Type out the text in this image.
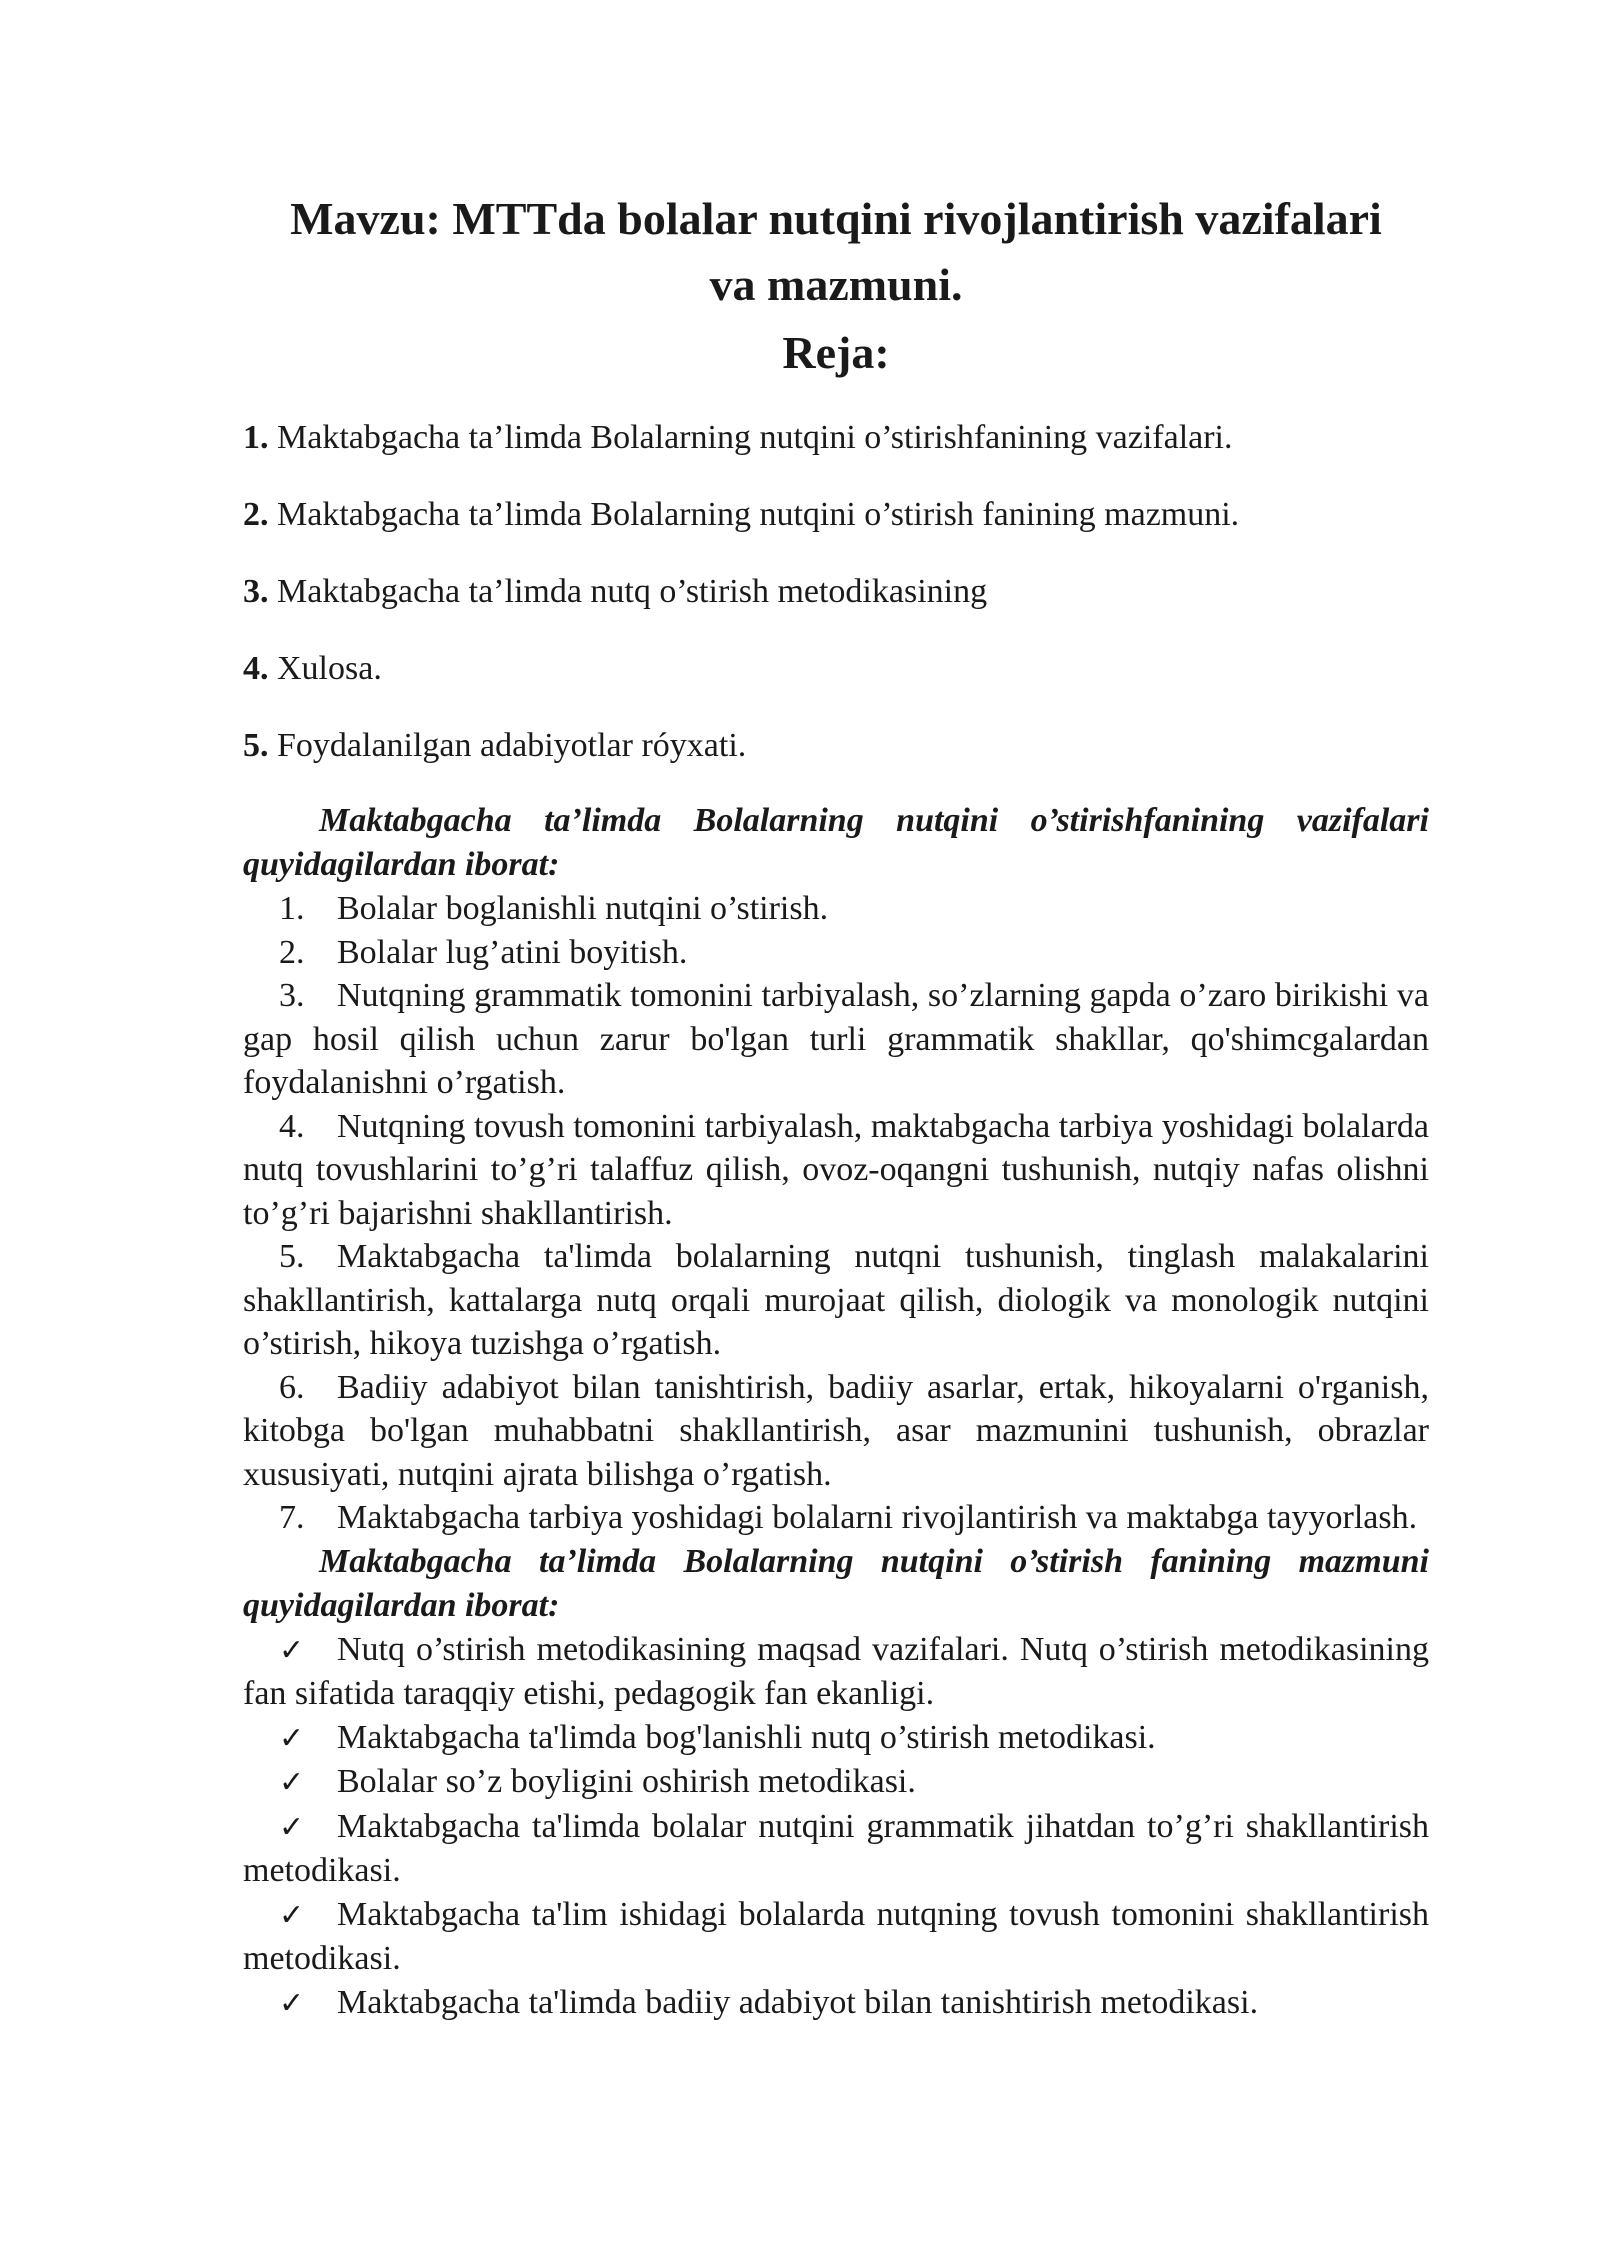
Mavzu: MTTda bolalar nutqini rivojlantirish vazifalari
va mazmuni.
Reja:
1. Maktabgacha ta’limda Bolalarning nutqini o’stirishfanining vazifalari.
2. Maktabgacha ta’limda Bolalarning nutqini o’stirish fanining mazmuni.
3. Maktabgacha ta’limda nutq o’stirish metodikasining
4. Xulosa.
5. Foydalanilgan adabiyotlar róyxati.

Maktabgacha ta’limda Bolalarning nutqini o’stirishfanining vazifalari quyidagilardan iborat:

1. Bolalar boglanishli nutqini o’stirish.

2. Bolalar lug’atini boyitish.

3. Nutqning grammatik tomonini tarbiyalash, so’zlarning gapda o’zaro birikishi va gap hosil qilish uchun zarur bo'lgan turli grammatik shakllar, qo'shimcgalardan foydalanishni o’rgatish.

4. Nutqning tovush tomonini tarbiyalash, maktabgacha tarbiya yoshidagi bolalarda nutq tovushlarini to’g’ri talaffuz qilish, ovoz-oqangni tushunish, nutqiy nafas olishni to’g’ri bajarishni shakllantirish.

5. Maktabgacha ta'limda bolalarning nutqni tushunish, tinglash malakalarini shakllantirish, kattalarga nutq orqali murojaat qilish, diologik va monologik nutqini o’stirish, hikoya tuzishga o’rgatish.

6. Badiiy adabiyot bilan tanishtirish, badiiy asarlar, ertak, hikoyalarni o'rganish, kitobga bo'lgan muhabbatni shakllantirish, asar mazmunini tushunish, obrazlar xususiyati, nutqini ajrata bilishga o’rgatish.

7. Maktabgacha tarbiya yoshidagi bolalarni rivojlantirish va maktabga tayyorlash.

Maktabgacha ta’limda Bolalarning nutqini o’stirish fanining mazmuni quyidagilardan iborat:

✓ Nutq o’stirish metodikasining maqsad vazifalari. Nutq o’stirish metodikasining fan sifatida taraqqiy etishi, pedagogik fan ekanligi.

✓ Maktabgacha ta'limda bog'lanishli nutq o’stirish metodikasi.

✓ Bolalar so’z boyligini oshirish metodikasi.

✓ Maktabgacha ta'limda bolalar nutqini grammatik jihatdan to’g’ri shakllantirish metodikasi.

✓ Maktabgacha ta'lim ishidagi bolalarda nutqning tovush tomonini shakllantirish metodikasi.

✓ Maktabgacha ta'limda badiiy adabiyot bilan tanishtirish metodikasi.
